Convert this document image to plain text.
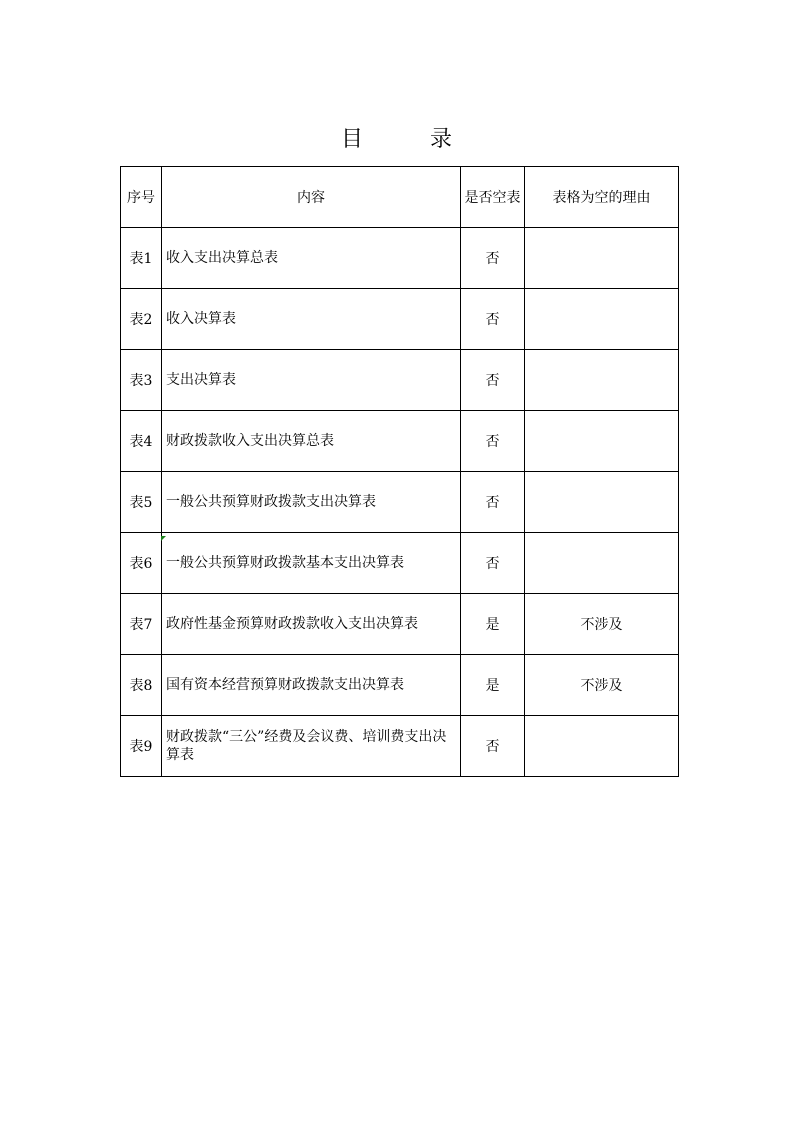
目 录
序号	内容	是否空表	表格为空的理由
表1	收入支出决算总表	否	
表2	收入决算表	否	
表3	支出决算表	否	
表4	财政拨款收入支出决算总表	否	
表5	一般公共预算财政拨款支出决算表	否	
表6	一般公共预算财政拨款基本支出决算表	否	
表7	政府性基金预算财政拨款收入支出决算表	是	不涉及
表8	国有资本经营预算财政拨款支出决算表	是	不涉及
表9	财政拨款“三公”经费及会议费、培训费支出决算表	否	
